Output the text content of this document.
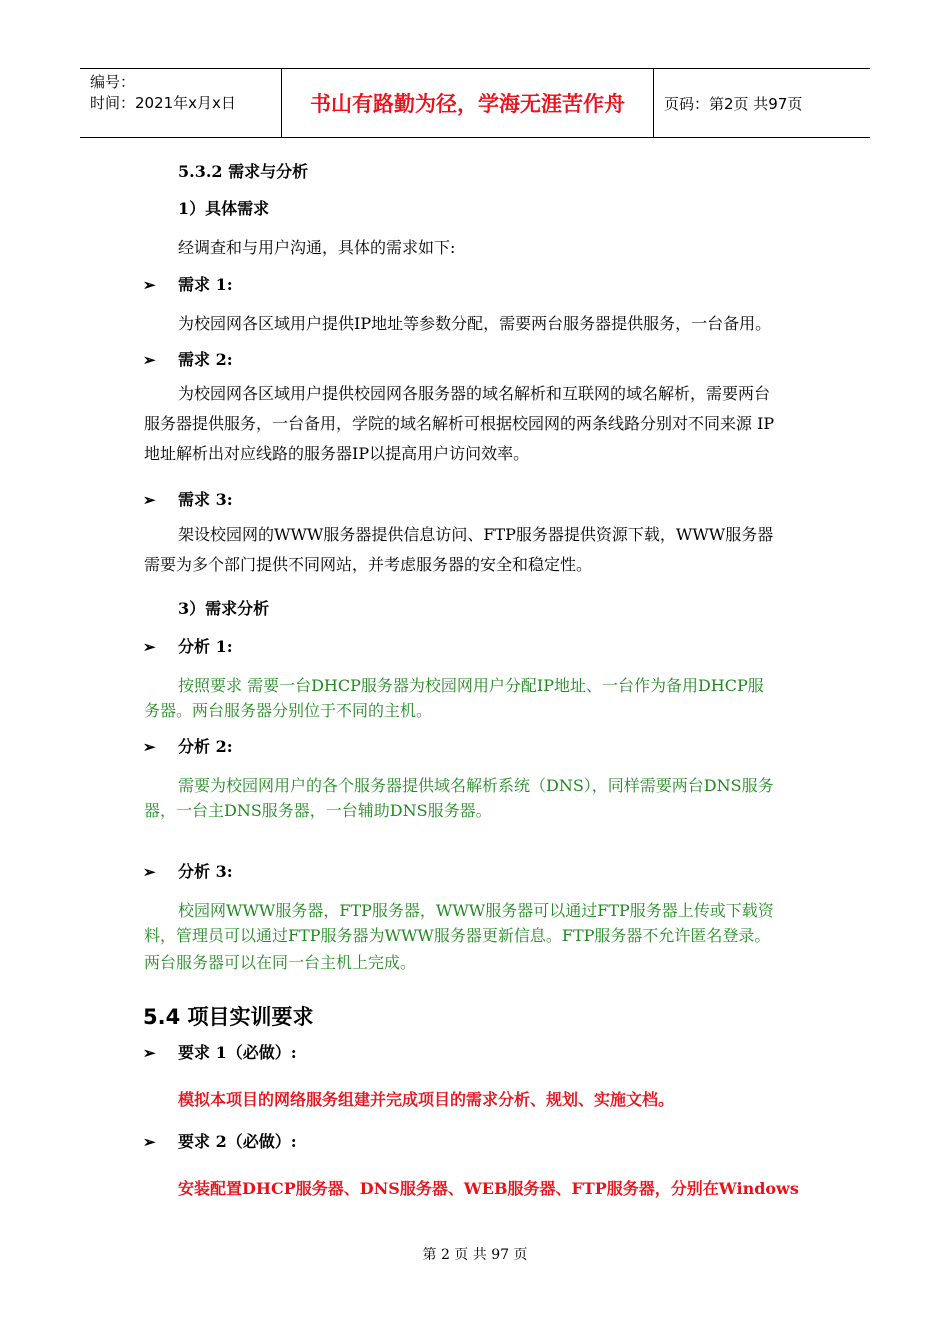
编号：
时间：2021年x月x日	书山有路勤为径，学海无涯苦作舟	页码：第2页 共97页
5.3.2 需求与分析
1）具体需求
经调查和与用户沟通，具体的需求如下:
➢ 需求 1:
为校园网各区域用户提供IP地址等参数分配，需要两台服务器提供服务，一台备用。
➢ 需求 2:
为校园网各区域用户提供校园网各服务器的域名解析和互联网的域名解析，需要两台
服务器提供服务，一台备用，学院的域名解析可根据校园网的两条线路分别对不同来源 IP
地址解析出对应线路的服务器IP以提高用户访问效率。
➢ 需求 3:
架设校园网的WWW服务器提供信息访问、FTP服务器提供资源下载，WWW服务器
需要为多个部门提供不同网站，并考虑服务器的安全和稳定性。
3）需求分析
➢ 分析 1:
按照要求 需要一台DHCP服务器为校园网用户分配IP地址、一台作为备用DHCP服
务器。两台服务器分别位于不同的主机。
➢ 分析 2:
需要为校园网用户的各个服务器提供域名解析系统（DNS），同样需要两台DNS服务
器，一台主DNS服务器，一台辅助DNS服务器。
➢ 分析 3:
校园网WWW服务器，FTP服务器，WWW服务器可以通过FTP服务器上传或下载资
料，管理员可以通过FTP服务器为WWW服务器更新信息。FTP服务器不允许匿名登录。
两台服务器可以在同一台主机上完成。
5.4 项目实训要求
➢ 要求 1（必做）:
模拟本项目的网络服务组建并完成项目的需求分析、规划、实施文档。
➢ 要求 2（必做）:
安装配置DHCP服务器、DNS服务器、WEB服务器、FTP服务器，分别在Windows
第 2 页 共 97 页
